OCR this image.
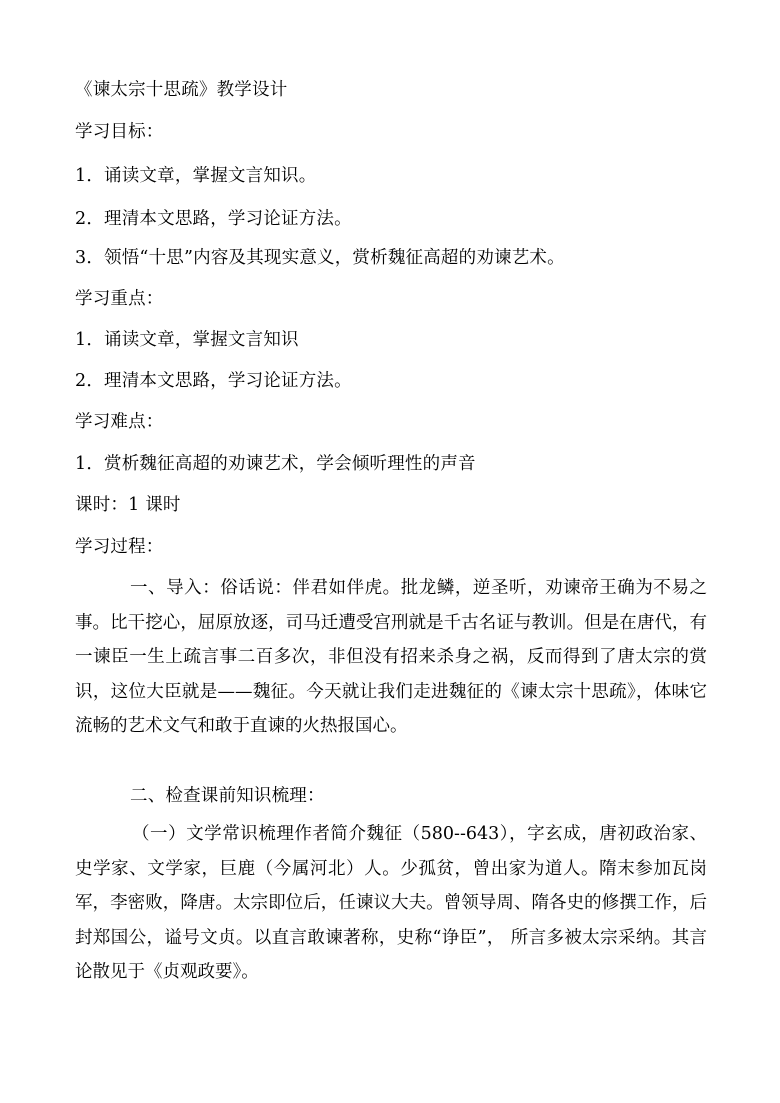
《谏太宗十思疏》教学设计
学习目标：
1．诵读文章，掌握文言知识。
2．理清本文思路，学习论证方法。
3．领悟“十思”内容及其现实意义，赏析魏征高超的劝谏艺术。
学习重点：
1．诵读文章，掌握文言知识
2．理清本文思路，学习论证方法。
学习难点：
1．赏析魏征高超的劝谏艺术，学会倾听理性的声音
课时：1 课时
学习过程：
一、导入：俗话说：伴君如伴虎。批龙鳞，逆圣听，劝谏帝王确为不易之事。比干挖心，屈原放逐，司马迁遭受宫刑就是千古名证与教训。但是在唐代，有一谏臣一生上疏言事二百多次，非但没有招来杀身之祸，反而得到了唐太宗的赏识，这位大臣就是——魏征。今天就让我们走进魏征的《谏太宗十思疏》，体味它流畅的艺术文气和敢于直谏的火热报国心。
二、检查课前知识梳理：
（一）文学常识梳理作者简介魏征（580--643），字玄成，唐初政治家、史学家、文学家，巨鹿（今属河北）人。少孤贫，曾出家为道人。隋末参加瓦岗军，李密败，降唐。太宗即位后，任谏议大夫。曾领导周、隋各史的修撰工作，后封郑国公，谥号文贞。以直言敢谏著称，史称“诤臣”， 所言多被太宗采纳。其言论散见于《贞观政要》。
